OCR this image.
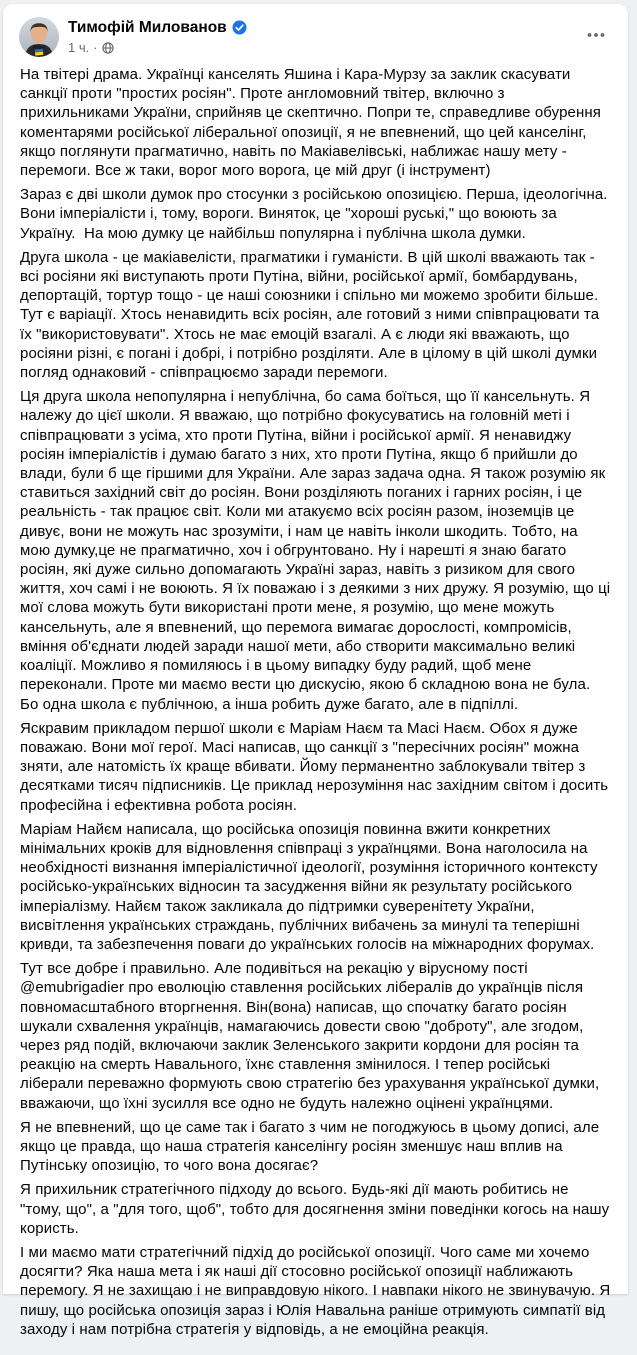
Тимофій Милованов
1 ч. ·

На твітері драма. Українці канселять Яшина і Кара-Мурзу за заклик скасувати санкції проти "простих росіян". Проте англомовний твітер, включно з прихильниками України, сприйняв це скептично. Попри те, справедливе обурення коментарями російської ліберальної опозиції, я не впевнений, що цей канселінг, якщо поглянути прагматично, навіть по Макіавелівські, наближає нашу мету - перемоги. Все ж таки, ворог мого ворога, це мій друг (і інструмент)

Зараз є дві школи думок про стосунки з російською опозицією. Перша, ідеологічна. Вони імперіалісти і, тому, вороги. Виняток, це "хороші руські," що воюють за Україну.  На мою думку це найбільш популярна і публічна школа думки.

Друга школа - це макіавелісти, прагматики і гуманісти. В цій школі вважають так - всі росіяни які виступають проти Путіна, війни, російської армії, бомбардувань, депортацій, тортур тощо - це наші союзники і спільно ми можемо зробити більше. Тут є варіації. Хтось ненавидить всіх росіян, але готовий з ними співпрацювати та їх "використовувати". Хтось не має емоцій взагалі. А є люди які вважають, що росіяни різні, є погані і добрі, і потрібно розділяти. Але в цілому в цій школі думки погляд однаковий - співпрацюємо заради перемоги.

Ця друга школа непопулярна і непублічна, бо сама боїться, що її кансельнуть. Я належу до цієї школи. Я вважаю, що потрібно фокусуватись на головній меті і співпрацювати з усіма, хто проти Путіна, війни і російської армії. Я ненавиджу росіян імперіалістів і думаю багато з них, хто проти Путіна, якщо б прийшли до влади, були б ще гіршими для України. Але зараз задача одна. Я також розумію як ставиться західний світ до росіян. Вони розділяють поганих і гарних росіян, і це реальність - так працює світ. Коли ми атакуємо всіх росіян разом, іноземців це дивує, вони не можуть нас зрозуміти, і нам це навіть інколи шкодить. Тобто, на мою думку,це не прагматично, хоч і обгрунтовано. Ну і нарешті я знаю багато росіян, які дуже сильно допомагають Україні зараз, навіть з ризиком для свого життя, хоч самі і не воюють. Я їх поважаю і з деякими з них дружу. Я розумію, що ці мої слова можуть бути використані проти мене, я розумію, що мене можуть кансельнуть, але я впевнений, що перемога вимагає дорослості, компромісів, вміння об'єднати людей заради нашої мети, або створити максимально великі коаліції. Можливо я помиляюсь і в цьому випадку буду радий, щоб мене переконали. Проте ми маємо вести цю дискусію, якою б складною вона не була. Бо одна школа є публічною, а інша робить дуже багато, але в підпіллі.

Яскравим прикладом першої школи є Маріам Наєм та Масі Наєм. Обох я дуже поважаю. Вони мої герої. Масі написав, що санкції з "пересічних росіян" можна зняти, але натомість їх краще вбивати. Йому перманентно заблокували твітер з десятками тисяч підписників. Це приклад нерозуміння нас західним світом і досить професійна і ефективна робота росіян.

Маріам Найєм написала, що російська опозиція повинна вжити конкретних мінімальних кроків для відновлення співпраці з українцями. Вона наголосила на необхідності визнання імперіалістичної ідеології, розуміння історичного контексту російсько-українських відносин та засудження війни як результату російського імперіалізму. Найєм також закликала до підтримки суверенітету України, висвітлення українських страждань, публічних вибачень за минулі та теперішні кривди, та забезпечення поваги до українських голосів на міжнародних форумах.

Тут все добре і правильно. Але подивіться на рекацію у вірусному пості @emubrigadier про еволюцію ставлення російських лібералів до українців після повномасштабного вторгнення. Він(вона) написав, що спочатку багато росіян шукали схвалення українців, намагаючись довести свою "доброту", але згодом, через ряд подій, включаючи заклик Зеленського закрити кордони для росіян та реакцію на смерть Навального, їхнє ставлення змінилося. І тепер російські ліберали переважно формують свою стратегію без урахування української думки, вважаючи, що їхні зусилля все одно не будуть належно оцінені українцями.

Я не впевнений, що це саме так і багато з чим не погоджуюсь в цьому дописі, але якщо це правда, що наша стратегія канселінгу росіян зменшує наш вплив на Путінську опозицію, то чого вона досягає?

Я прихильник стратегічного підходу до всього. Будь-які дії мають робитись не "тому, що", а "для того, щоб", тобто для досягнення зміни поведінки когось на нашу користь.

І ми маємо мати стратегічний підхід до російської опозиції. Чого саме ми хочемо досягти? Яка наша мета і як наші дії стосовно російської опозиції наближають перемогу. Я не захищаю і не виправдовую нікого. І навпаки нікого не звинувачую. Я пишу, що російська опозиція зараз і Юлія Навальна раніше отримують симпатії від заходу і нам потрібна стратегія у відповідь, а не емоційна реакція.
